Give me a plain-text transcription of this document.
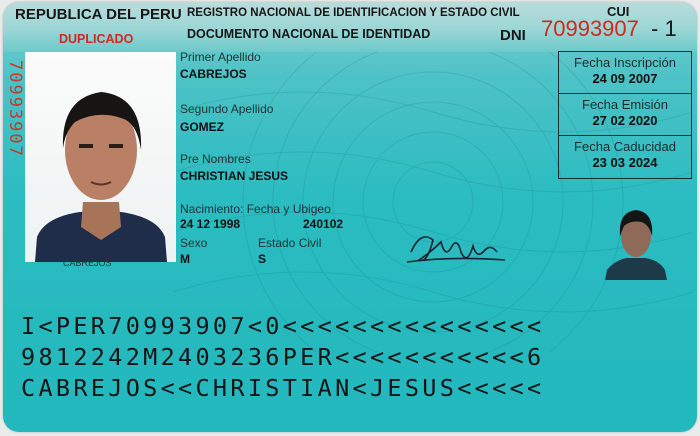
REPUBLICA DEL PERU REGISTRO NACIONAL DE IDENTIFICACION Y ESTADO CIVIL
DOCUMENTO NACIONAL DE IDENTIDAD	DNI
CUI
70993907 - 1
DUPLICADO
70993907
CABREJOS
Primer Apellido
CABREJOS
Segundo Apellido
GOMEZ
Pre Nombres
CHRISTIAN JESUS
Nacimiento: Fecha y Ubigeo
24 12 1998	240102
Sexo
M
Estado Civil
S
Fecha Inscripción
24 09 2007
Fecha Emisión
27 02 2020
Fecha Caducidad
23 03 2024
I<PER70993907<0<<<<<<<<<<<<<<<
9812242M2403236PER<<<<<<<<<<<6
CABREJOS<<CHRISTIAN<JESUS<<<<<
